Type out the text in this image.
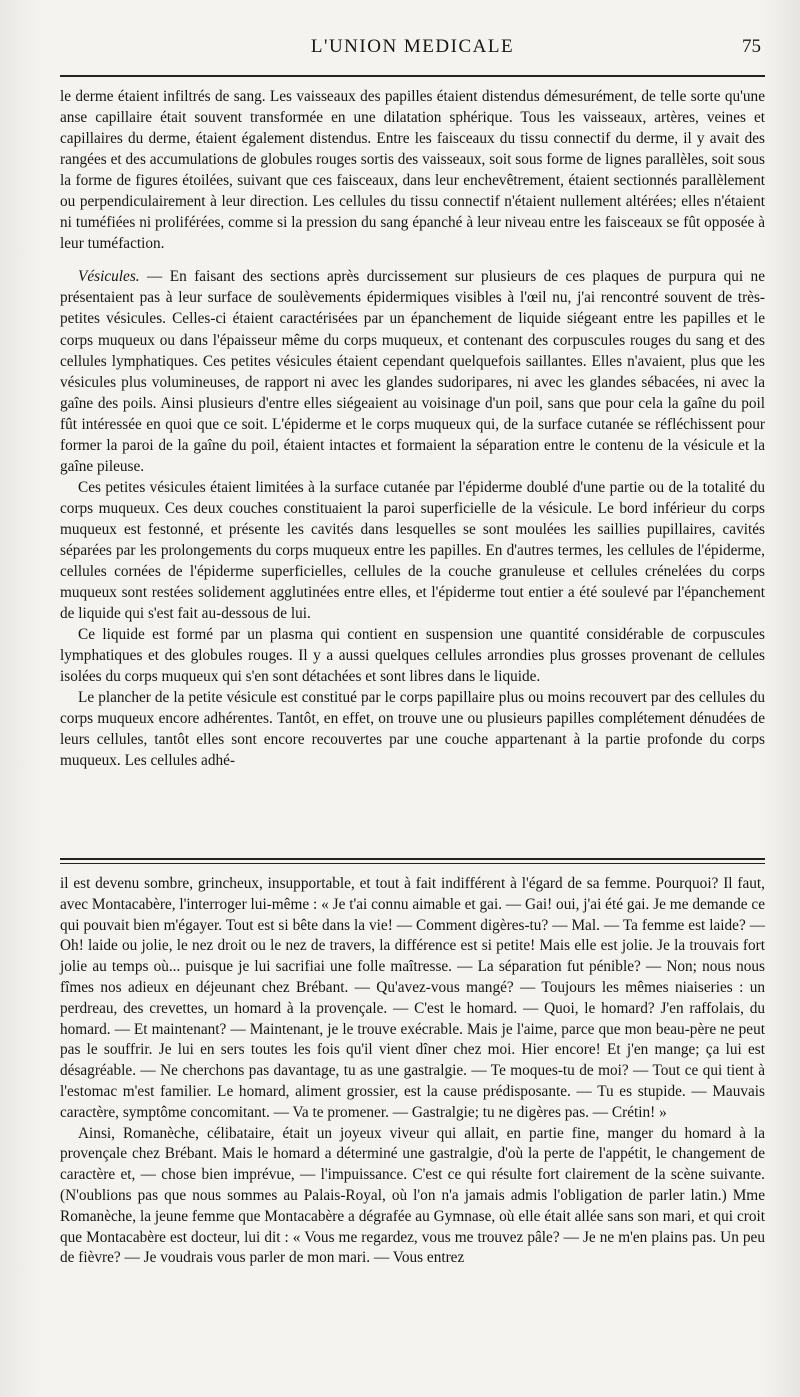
L'UNION MEDICALE	75

le derme étaient infiltrés de sang. Les vaisseaux des papilles étaient distendus démesurément, de telle sorte qu'une anse capillaire était souvent transformée en une dilatation sphérique. Tous les vaisseaux, artères, veines et capillaires du derme, étaient également distendus. Entre les faisceaux du tissu connectif du derme, il y avait des rangées et des accumulations de globules rouges sortis des vaisseaux, soit sous forme de lignes parallèles, soit sous la forme de figures étoilées, suivant que ces faisceaux, dans leur enchevêtrement, étaient sectionnés parallèlement ou perpendiculairement à leur direction. Les cellules du tissu connectif n'étaient nullement altérées; elles n'étaient ni tuméfiées ni proliférées, comme si la pression du sang épanché à leur niveau entre les faisceaux se fût opposée à leur tuméfaction.

Vésicules. — En faisant des sections après durcissement sur plusieurs de ces plaques de purpura qui ne présentaient pas à leur surface de soulèvements épidermiques visibles à l'œil nu, j'ai rencontré souvent de très-petites vésicules. Celles-ci étaient caractérisées par un épanchement de liquide siégeant entre les papilles et le corps muqueux ou dans l'épaisseur même du corps muqueux, et contenant des corpuscules rouges du sang et des cellules lymphatiques. Ces petites vésicules étaient cependant quelquefois saillantes. Elles n'avaient, plus que les vésicules plus volumineuses, de rapport ni avec les glandes sudoripares, ni avec les glandes sébacées, ni avec la gaîne des poils. Ainsi plusieurs d'entre elles siégeaient au voisinage d'un poil, sans que pour cela la gaîne du poil fût intéressée en quoi que ce soit. L'épiderme et le corps muqueux qui, de la surface cutanée se réfléchissent pour former la paroi de la gaîne du poil, étaient intactes et formaient la séparation entre le contenu de la vésicule et la gaîne pileuse.

Ces petites vésicules étaient limitées à la surface cutanée par l'épiderme doublé d'une partie ou de la totalité du corps muqueux. Ces deux couches constituaient la paroi superficielle de la vésicule. Le bord inférieur du corps muqueux est festonné, et présente les cavités dans lesquelles se sont moulées les saillies pupillaires, cavités séparées par les prolongements du corps muqueux entre les papilles. En d'autres termes, les cellules de l'épiderme, cellules cornées de l'épiderme superficielles, cellules de la couche granuleuse et cellules crénelées du corps muqueux sont restées solidement agglutinées entre elles, et l'épiderme tout entier a été soulevé par l'épanchement de liquide qui s'est fait au-dessous de lui.

Ce liquide est formé par un plasma qui contient en suspension une quantité considérable de corpuscules lymphatiques et des globules rouges. Il y a aussi quelques cellules arrondies plus grosses provenant de cellules isolées du corps muqueux qui s'en sont détachées et sont libres dans le liquide.

Le plancher de la petite vésicule est constitué par le corps papillaire plus ou moins recouvert par des cellules du corps muqueux encore adhérentes. Tantôt, en effet, on trouve une ou plusieurs papilles complétement dénudées de leurs cellules, tantôt elles sont encore recouvertes par une couche appartenant à la partie profonde du corps muqueux. Les cellules adhé-

il est devenu sombre, grincheux, insupportable, et tout à fait indifférent à l'égard de sa femme. Pourquoi? Il faut, avec Montacabère, l'interroger lui-même : « Je t'ai connu aimable et gai. — Gai! oui, j'ai été gai. Je me demande ce qui pouvait bien m'égayer. Tout est si bête dans la vie! — Comment digères-tu? — Mal. — Ta femme est laide? — Oh! laide ou jolie, le nez droit ou le nez de travers, la différence est si petite! Mais elle est jolie. Je la trouvais fort jolie au temps où... puisque je lui sacrifiai une folle maîtresse. — La séparation fut pénible? — Non; nous nous fîmes nos adieux en déjeunant chez Brébant. — Qu'avez-vous mangé? — Toujours les mêmes niaiseries : un perdreau, des crevettes, un homard à la provençale. — C'est le homard. — Quoi, le homard? J'en raffolais, du homard. — Et maintenant? — Maintenant, je le trouve exécrable. Mais je l'aime, parce que mon beau-père ne peut pas le souffrir. Je lui en sers toutes les fois qu'il vient dîner chez moi. Hier encore! Et j'en mange; ça lui est désagréable. — Ne cherchons pas davantage, tu as une gastralgie. — Te moques-tu de moi? — Tout ce qui tient à l'estomac m'est familier. Le homard, aliment grossier, est la cause prédisposante. — Tu es stupide. — Mauvais caractère, symptôme concomitant. — Va te promener. — Gastralgie; tu ne digères pas. — Crétin! »

Ainsi, Romanèche, célibataire, était un joyeux viveur qui allait, en partie fine, manger du homard à la provençale chez Brébant. Mais le homard a déterminé une gastralgie, d'où la perte de l'appétit, le changement de caractère et, — chose bien imprévue, — l'impuissance. C'est ce qui résulte fort clairement de la scène suivante. (N'oublions pas que nous sommes au Palais-Royal, où l'on n'a jamais admis l'obligation de parler latin.) Mme Romanèche, la jeune femme que Montacabère a dégrafée au Gymnase, où elle était allée sans son mari, et qui croit que Montacabère est docteur, lui dit : « Vous me regardez, vous me trouvez pâle? — Je ne m'en plains pas. Un peu de fièvre? — Je voudrais vous parler de mon mari. — Vous entrez
